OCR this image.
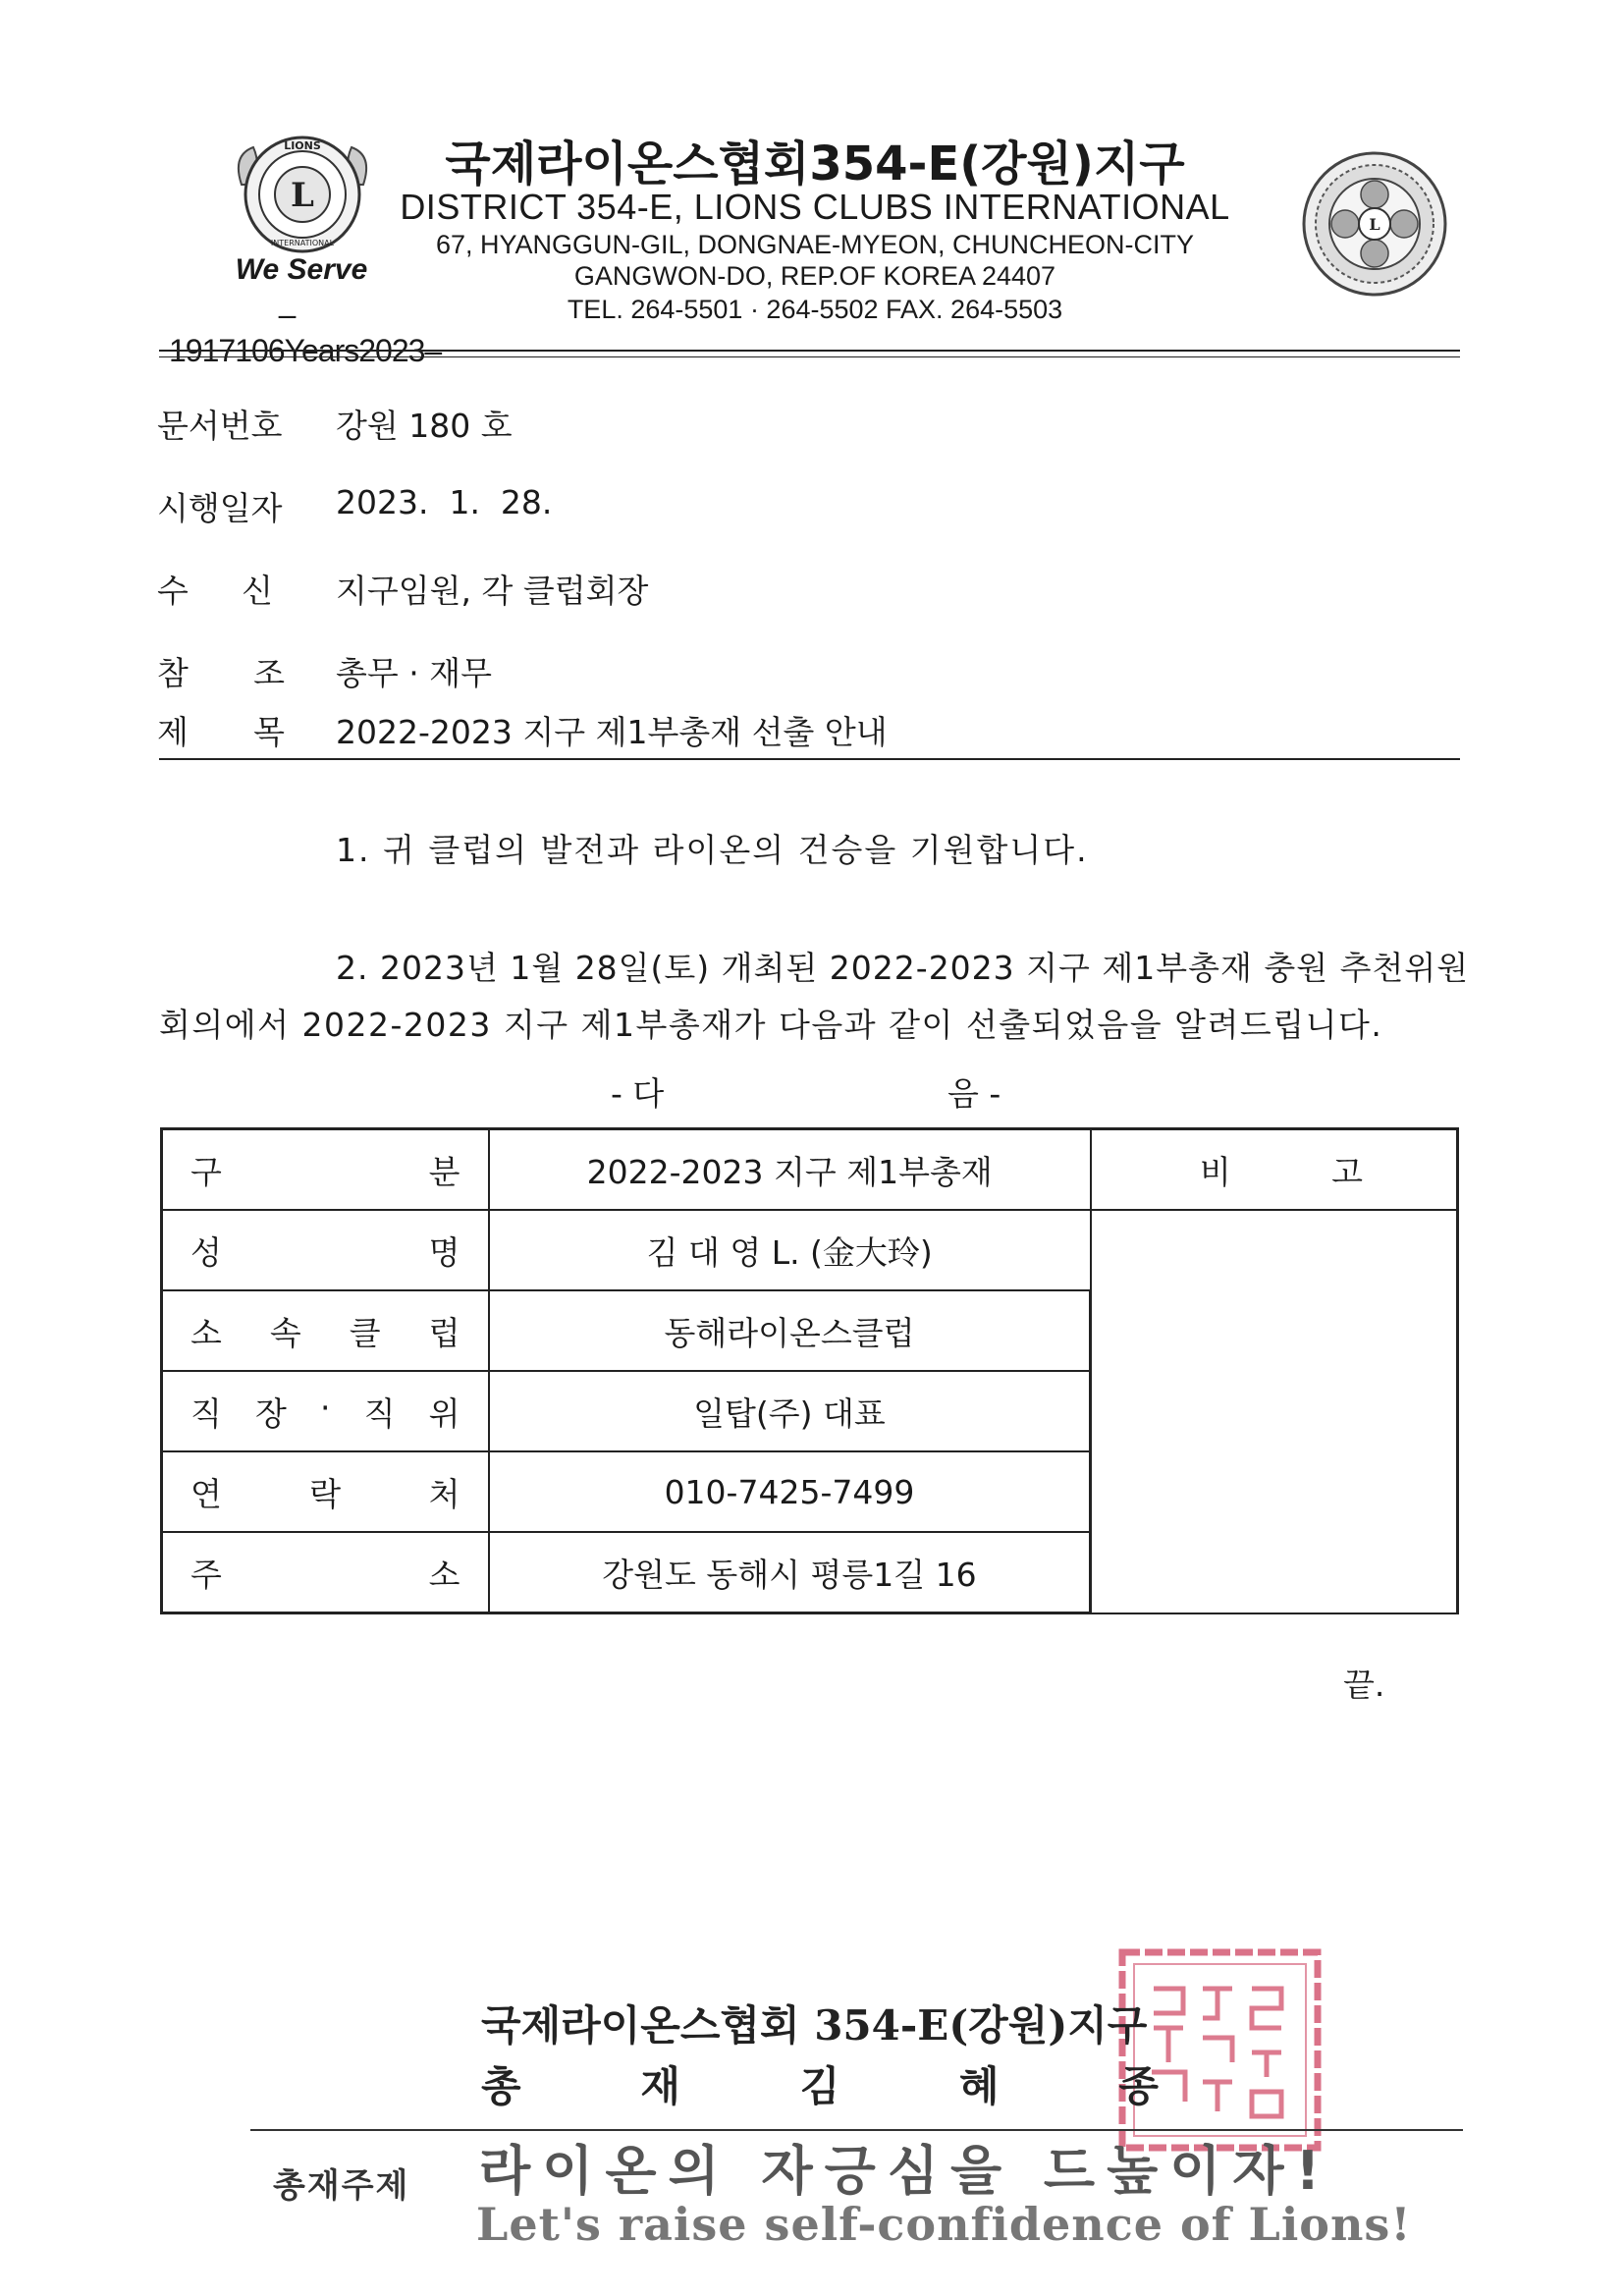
L
LIONS
INTERNATIONAL
We Serve
–1917106Years2023–
국제라이온스협회354-E(강원)지구
DISTRICT 354-E, LIONS CLUBS INTERNATIONAL
67, HYANGGUN-GIL, DONGNAE-MYEON, CHUNCHEON-CITY
GANGWON-DO, REP.OF KOREA 24407
TEL. 264-5501 · 264-5502 FAX. 264-5503
L
문서번호	강원 180 호
시행일자	2023.  1.  28.
수 신 지구임원, 각 클럽회장
참 조 총무 · 재무
제 목 2022-2023 지구 제1부총재 선출 안내
1. 귀 클럽의 발전과 라이온의 건승을 기원합니다.
2. 2023년 1월 28일(토) 개최된 2022-2023 지구 제1부총재 충원 추천위원
회의에서 2022-2023 지구 제1부총재가 다음과 같이 선출되었음을 알려드립니다.
- 다	음 -
구 분	2022-2023 지구 제1부총재	비 고

성 명	김 대 영 L. (金大玲)	

소 속 클 럽	동해라이온스클럽	

직 장 · 직 위	일탑(주) 대표	

연 락 처	010-7425-7499	

주 소	강원도 동해시 평릉1길 16	
끝.
국제라이온스협회 354-E(강원)지구
총	재	김	혜	종
총재주제 라이온의 자긍심을 드높이자!
Let's raise self-confidence of Lions!
